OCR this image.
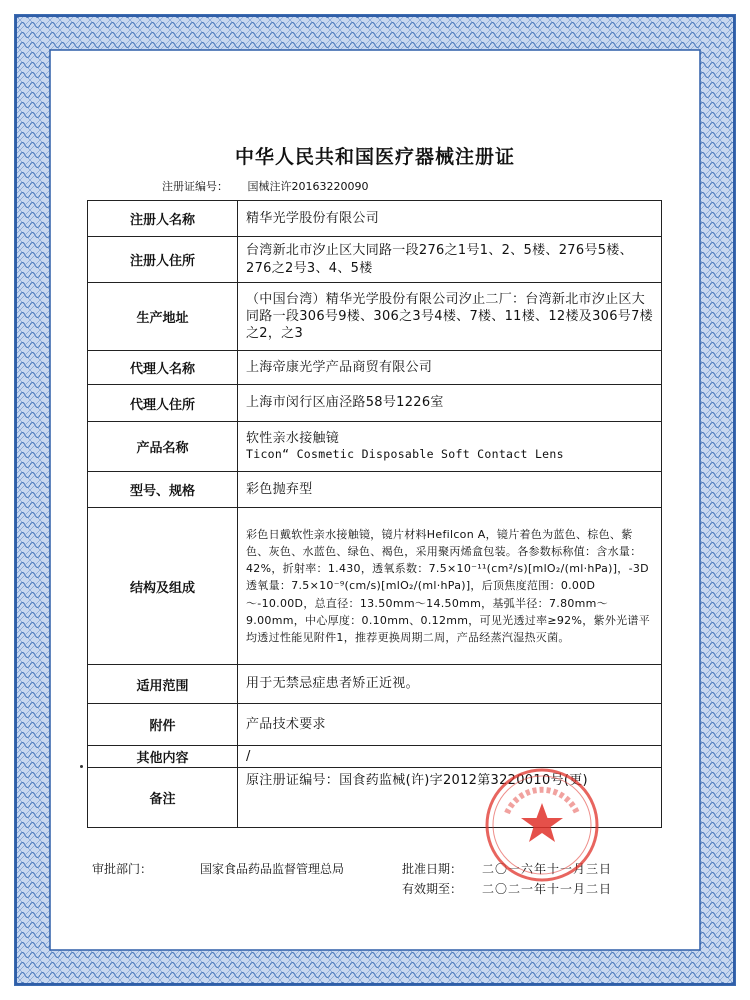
中华人民共和国医疗器械注册证
注册证编号： 国械注许20163220090
注册人名称	精华光学股份有限公司
注册人住所	台湾新北市汐止区大同路一段276之1号1、2、5楼、276号5楼、276之2号3、4、5楼
生产地址	（中国台湾）精华光学股份有限公司汐止二厂：台湾新北市汐止区大同路一段306号9楼、306之3号4楼、7楼、11楼、12楼及306号7楼之2，之3
代理人名称	上海帝康光学产品商贸有限公司
代理人住所	上海市闵行区庙泾路58号1226室
产品名称	软性亲水接触镜
Ticon“ Cosmetic Disposable Soft Contact Lens

型号、规格	彩色抛弃型
结构及组成	彩色日戴软性亲水接触镜，镜片材料Hefilcon A，镜片着色为蓝色、棕色、紫色、灰色、水蓝色、绿色、褐色，采用聚丙烯盒包装。各参数标称值：含水量：42%，折射率：1.430，透氧系数：7.5×10⁻¹¹(cm²/s)[mlO₂/(ml·hPa)]，-3D透氧量：7.5×10⁻⁹(cm/s)[mlO₂/(ml·hPa)]，后顶焦度范围：0.00D～-10.00D，总直径：13.50mm～14.50mm，基弧半径：7.80mm～9.00mm，中心厚度：0.10mm、0.12mm，可见光透过率≥92%，紫外光谱平均透过性能见附件1，推荐更换周期二周，产品经蒸汽湿热灭菌。
适用范围	用于无禁忌症患者矫正近视。
附件	产品技术要求
其他内容	/
备注	原注册证编号：国食药监械(许)字2012第3220010号(更)
审批部门：	国家食品药品监督管理总局	批准日期： 二〇一六年十一月三日
有效期至： 二〇二一年十一月二日
